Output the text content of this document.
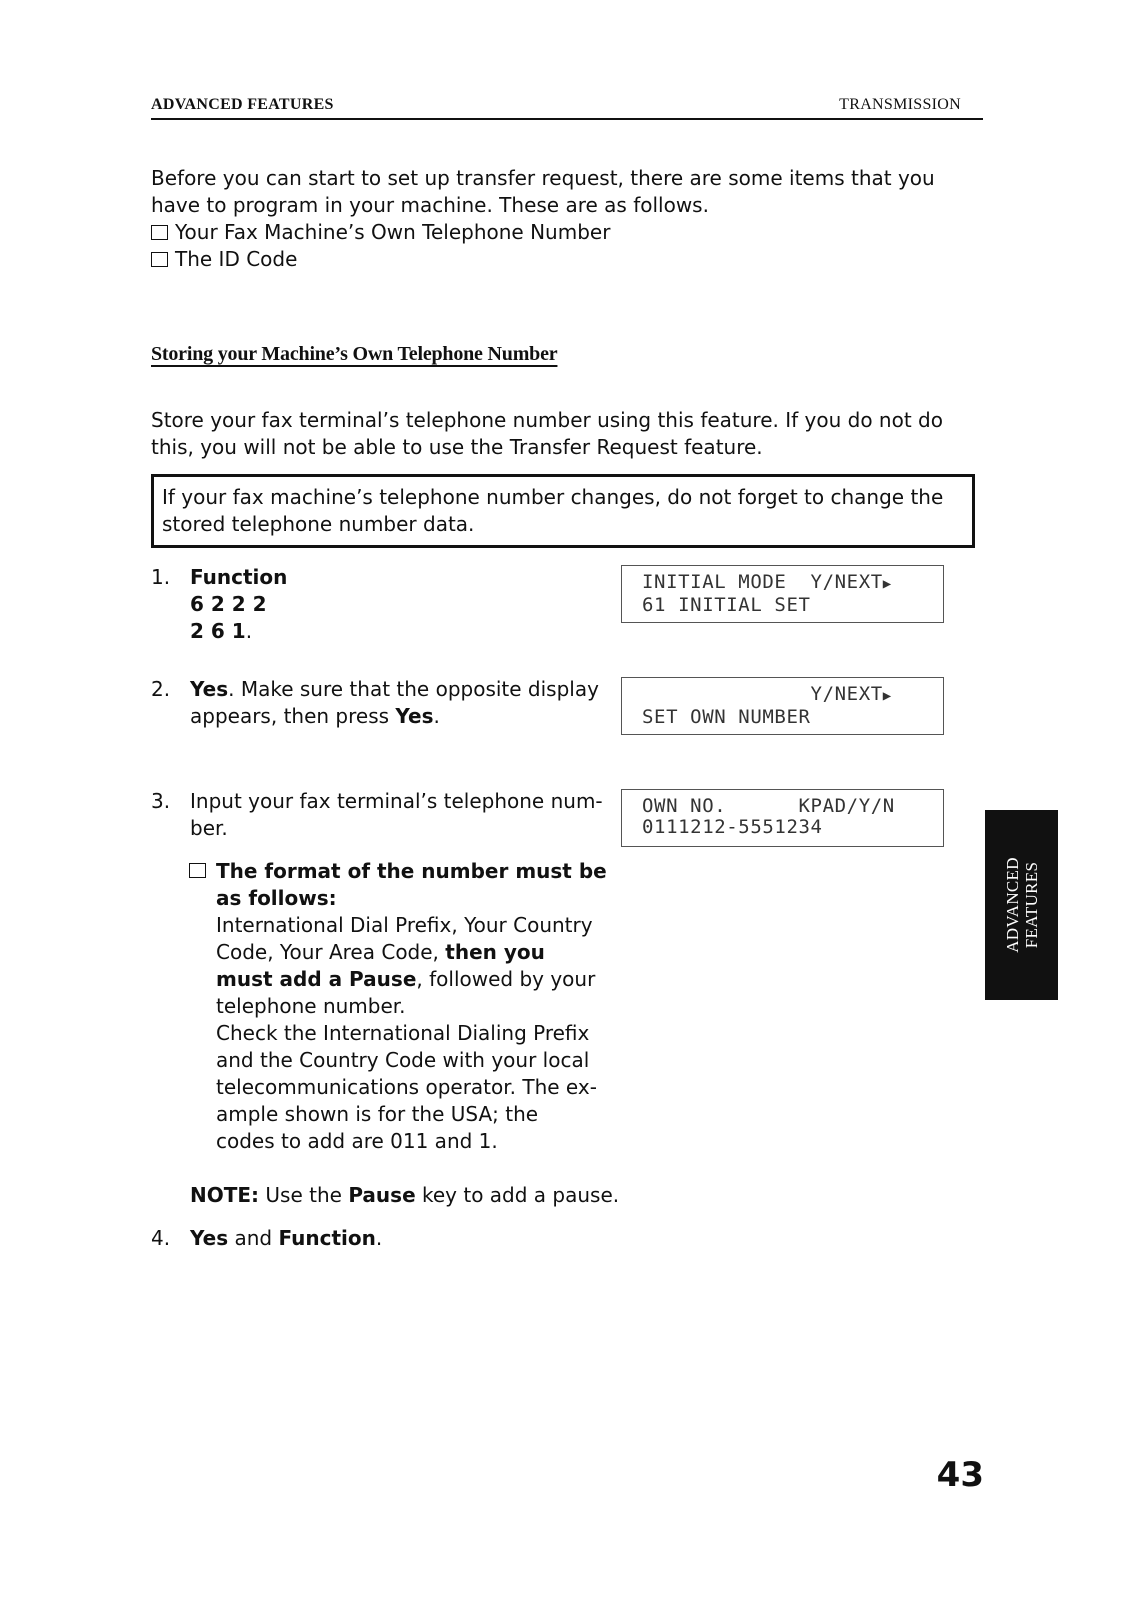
ADVANCED FEATURES	TRANSMISSION
Before you can start to set up transfer request, there are some items that you
have to program in your machine. These are as follows.
Your Fax Machine’s Own Telephone Number
The ID Code
Storing your Machine’s Own Telephone Number
Store your fax terminal’s telephone number using this feature. If you do not do
this, you will not be able to use the Transfer Request feature.
If your fax machine’s telephone number changes, do not forget to change the
stored telephone number data.
1. Function 6 2 2 2 2 6 1.
INITIAL MODE  Y/NEXT▶
61 INITIAL SET
2. Yes. Make sure that the opposite display
appears, then press Yes.
Y/NEXT▶
SET OWN NUMBER
3. Input your fax terminal’s telephone num-
ber.
OWN NO.      KPAD/Y/N
0111212-5551234
The format of the number must be
as follows:
International Dial Prefix, Your Country
Code, Your Area Code, then you
must add a Pause, followed by your
telephone number.
Check the International Dialing Prefix
and the Country Code with your local
telecommunications operator. The ex-
ample shown is for the USA; the
codes to add are 011 and 1.
NOTE: Use the Pause key to add a pause.
4. Yes and Function.
ADVANCED
FEATURES
43
